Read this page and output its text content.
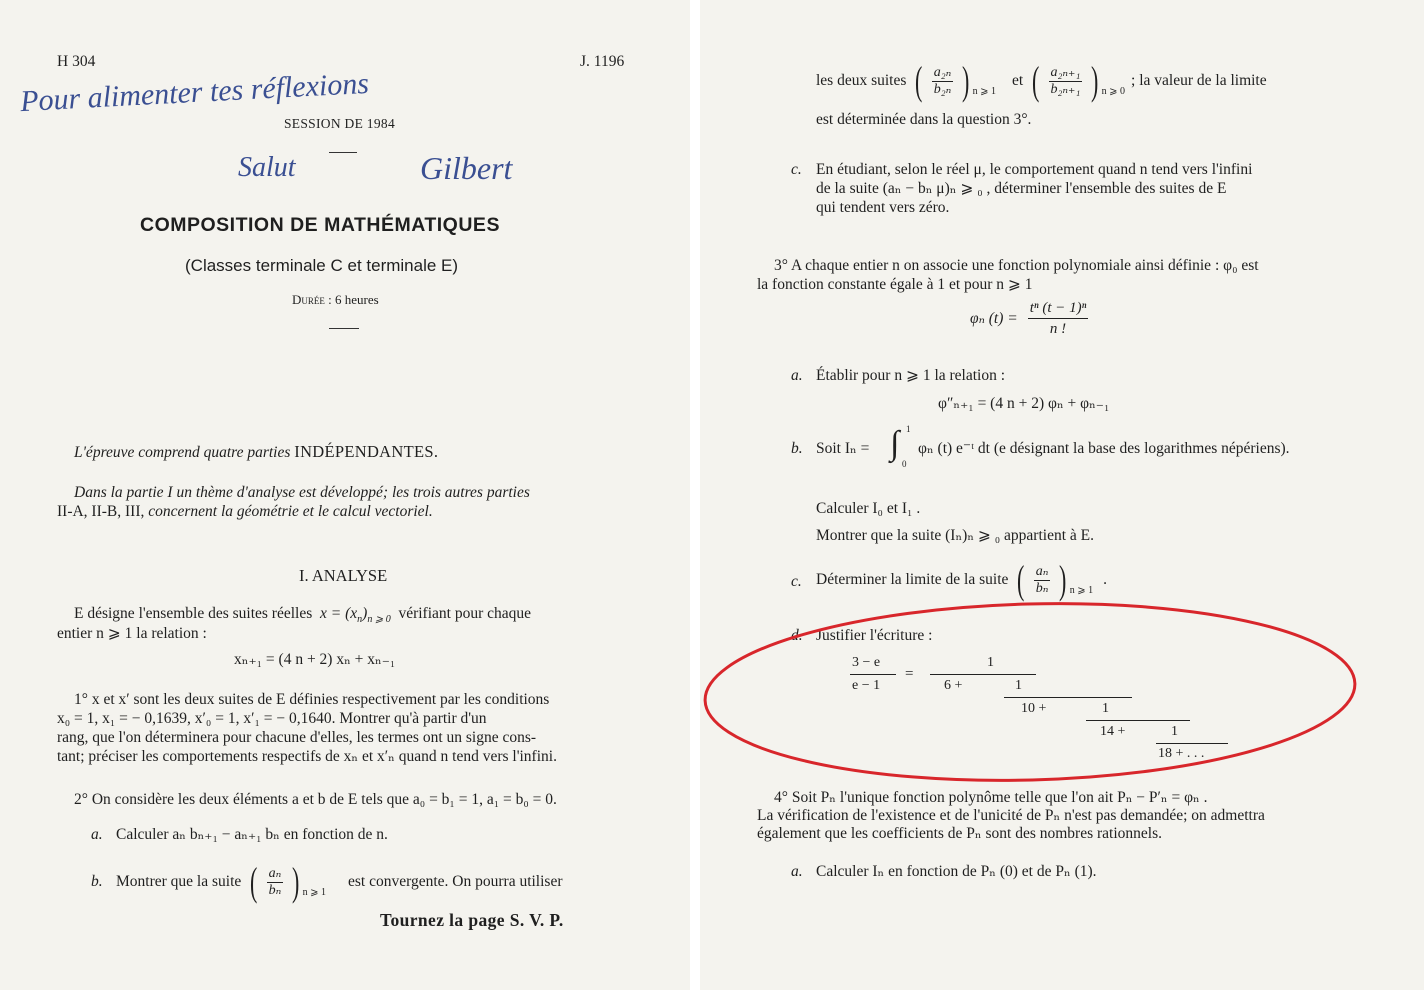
H 304	J. 1196
Pour alimenter tes réflexions
SESSION DE 1984
Salut	Gilbert
COMPOSITION DE MATHÉMATIQUES
(Classes terminale C et terminale E)
Durée : 6 heures
L'épreuve comprend quatre parties INDÉPENDANTES.
Dans la partie I un thème d'analyse est développé; les trois autres parties
II-A, II-B, III, concernent la géométrie et le calcul vectoriel.
I. ANALYSE
E désigne l'ensemble des suites réelles  $x = (x_n)_{n ⩾ 0}$ vérifiant pour chaque
entier n ⩾ 1 la relation :
xₙ₊₁ = (4 n + 2) xₙ + xₙ₋₁
1° x et x′ sont les deux suites de E définies respectivement par les conditions
x₀ = 1, x₁ = − 0,1639, x′₀ = 1, x′₁ = − 0,1640. Montrer qu'à partir d'un
rang, que l'on déterminera pour chacune d'elles, les termes ont un signe cons-
tant; préciser les comportements respectifs de xₙ et x′ₙ quand n tend vers l'infini.
2° On considère les deux éléments a et b de E tels que a₀ = b₁ = 1, a₁ = b₀ = 0.
a. Calculer aₙ bₙ₊₁ − aₙ₊₁ bₙ en fonction de n.
b. Montrer que la suite ( $\frac{\text{aₙ}}{\text{bₙ}}$ ) n ⩾ 1
est convergente. On pourra utiliser
Tournez la page S. V. P.
les deux suites ( $\frac{\text{a₂ₙ}}{\text{b₂ₙ}}$ ) n ⩾ 1
et ( $\frac{\text{a₂ₙ₊₁}}{\text{b₂ₙ₊₁}}$ ) n ⩾ 0
; la valeur de la limite
est déterminée dans la question 3°.
c. En étudiant, selon le réel μ, le comportement quand n tend vers l'infini
de la suite (aₙ − bₙ μ)ₙ ⩾ ₀ , déterminer l'ensemble des suites de E
qui tendent vers zéro.
3° A chaque entier n on associe une fonction polynomiale ainsi définie : φ₀ est
la fonction constante égale à 1 et pour n ⩾ 1
φₙ $(t) = \frac{\text{tⁿ (t − 1)ⁿ}}{n !}$
a. Établir pour n ⩾ 1 la relation :
φ″ₙ₊₁ = (4 n + 2) φₙ + φₙ₋₁
b. Soit Iₙ = ∫ 1
0
φₙ (t) e⁻ᵗ dt (e désignant la base des logarithmes népériens).
Calculer I₀ et I₁ .
Montrer que la suite (Iₙ)ₙ ⩾ ₀ appartient à E.
c. Déterminer la limite de la suite ( $\frac{\text{aₙ}}{\text{bₙ}}$ ) n ⩾ 1
.
d. Justifier l'écriture :
3 − e
e − 1
=
1
6 +	1
10 +	1
14 +	1
18 + . . .
4° Soit Pₙ l'unique fonction polynôme telle que l'on ait Pₙ − P′ₙ = φₙ .
La vérification de l'existence et de l'unicité de Pₙ n'est pas demandée; on admettra
également que les coefficients de Pₙ sont des nombres rationnels.
a. Calculer Iₙ en fonction de Pₙ (0) et de Pₙ (1).
